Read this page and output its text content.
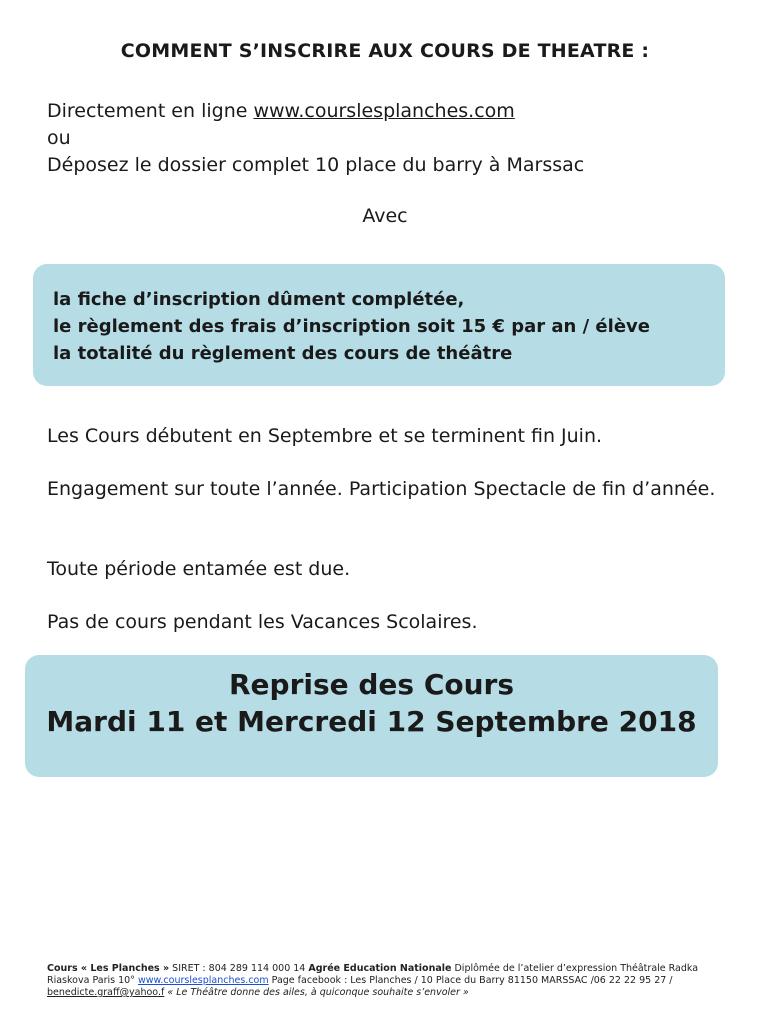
COMMENT S’INSCRIRE AUX COURS DE THEATRE :
Directement en ligne www.courslesplanches.com
ou
Déposez le dossier complet 10 place du barry à Marssac
Avec
la fiche d’inscription dûment complétée,
le règlement des frais d’inscription soit 15 € par an / élève
la totalité du règlement des cours de théâtre
Les Cours débutent en Septembre et se terminent fin Juin.
Engagement sur toute l’année. Participation Spectacle de fin d’année.
Toute période entamée est due.
Pas de cours pendant les Vacances Scolaires.
Reprise des Cours
Mardi 11 et Mercredi 12 Septembre 2018
Cours « Les Planches » SIRET : 804 289 114 000 14 Agrée Education Nationale Diplômée de l’atelier d’expression Théâtrale Radka Riaskova Paris 10° www.courslesplanches.com Page facebook : Les Planches / 10 Place du Barry 81150 MARSSAC /06 22 22 95 27 /
benedicte.graff@yahoo.f « Le Théâtre donne des ailes, à quiconque souhaite s’envoler »
